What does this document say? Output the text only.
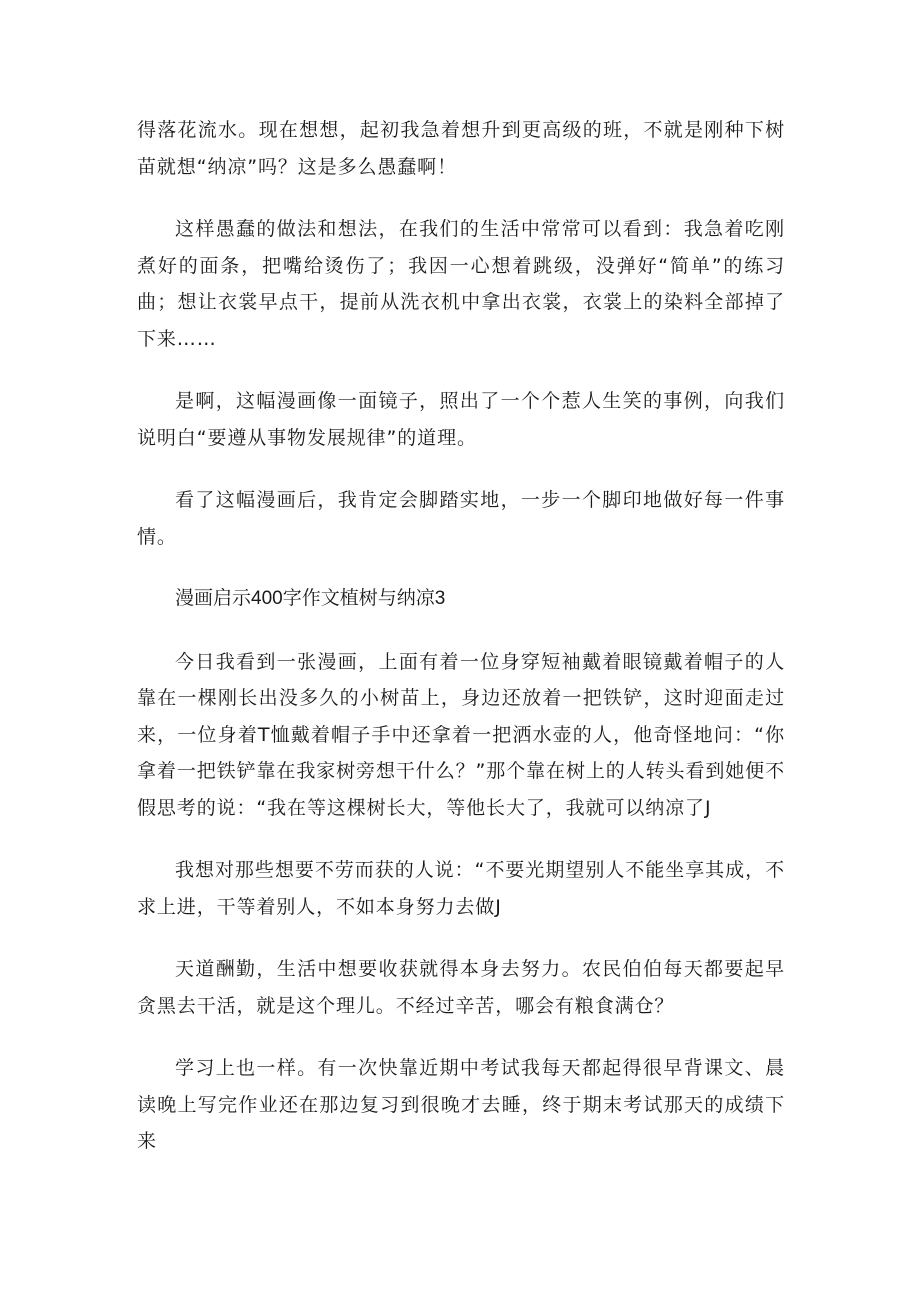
得落花流水。现在想想，起初我急着想升到更高级的班，不就是刚种下树苗就想“纳凉”吗？这是多么愚蠢啊！

这样愚蠢的做法和想法，在我们的生活中常常可以看到：我急着吃刚煮好的面条，把嘴给烫伤了；我因一心想着跳级，没弹好“简单”的练习曲；想让衣裳早点干，提前从洗衣机中拿出衣裳，衣裳上的染料全部掉了下来……

是啊，这幅漫画像一面镜子，照出了一个个惹人生笑的事例，向我们说明白“要遵从事物发展规律”的道理。

看了这幅漫画后，我肯定会脚踏实地，一步一个脚印地做好每一件事情。

漫画启示400字作文植树与纳凉3

今日我看到一张漫画，上面有着一位身穿短袖戴着眼镜戴着帽子的人靠在一棵刚长出没多久的小树苗上，身边还放着一把铁铲，这时迎面走过来，一位身着T恤戴着帽子手中还拿着一把洒水壶的人，他奇怪地问：“你拿着一把铁铲靠在我家树旁想干什么？”那个靠在树上的人转头看到她便不假思考的说：“我在等这棵树长大，等他长大了，我就可以纳凉了J

我想对那些想要不劳而获的人说：“不要光期望别人不能坐享其成，不求上进，干等着别人，不如本身努力去做J

天道酬勤，生活中想要收获就得本身去努力。农民伯伯每天都要起早贪黑去干活，就是这个理儿。不经过辛苦，哪会有粮食满仓？

学习上也一样。有一次快靠近期中考试我每天都起得很早背课文、晨读晚上写完作业还在那边复习到很晚才去睡，终于期末考试那天的成绩下来
